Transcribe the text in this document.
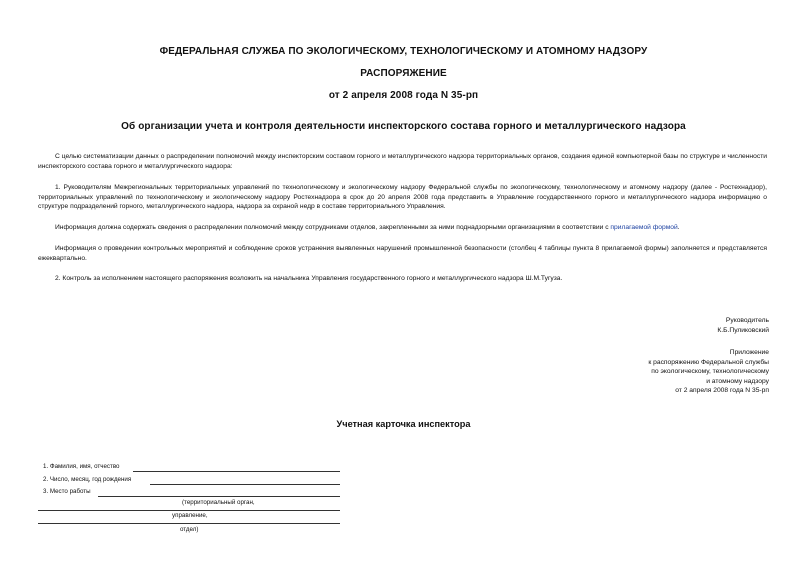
ФЕДЕРАЛЬНАЯ СЛУЖБА ПО ЭКОЛОГИЧЕСКОМУ, ТЕХНОЛОГИЧЕСКОМУ И АТОМНОМУ НАДЗОРУ
РАСПОРЯЖЕНИЕ
от 2 апреля 2008 года N 35-рп
Об организации учета и контроля деятельности инспекторского состава горного и металлургического надзора
С целью систематизации данных о распределении полномочий между инспекторским составом горного и металлургического надзора территориальных органов, создания единой компьютерной базы по структуре и численности инспекторского состава горного и металлургического надзора:
1. Руководителям Межрегиональных территориальных управлений по технологическому и экологическому надзору Федеральной службы по экологическому, технологическому и атомному надзору (далее - Ростехнадзор), территориальных управлений по технологическому и экологическому надзору Ростехнадзора в срок до 20 апреля 2008 года представить в Управление государственного горного и металлургического надзора информацию о структуре подразделений горного, металлургического надзора, надзора за охраной недр в составе территориального Управления.
Информация должна содержать сведения о распределении полномочий между сотрудниками отделов, закрепленными за ними поднадзорными организациями в соответствии с прилагаемой формой.
Информация о проведении контрольных мероприятий и соблюдение сроков устранения выявленных нарушений промышленной безопасности (столбец 4 таблицы пункта 8 прилагаемой формы) заполняется и представляется ежеквартально.
2. Контроль за исполнением настоящего распоряжения возложить на начальника Управления государственного горного и металлургического надзора Ш.М.Тугуза.
Руководитель
К.Б.Пуликовский
Приложение
к распоряжению Федеральной службы
по экологическому, технологическому
и атомному надзору
от 2 апреля 2008 года N 35-рп
Учетная карточка инспектора
1. Фамилия, имя, отчество
2. Число, месяц, год рождения
3. Место работы
(территориальный орган,
управление,
отдел)
